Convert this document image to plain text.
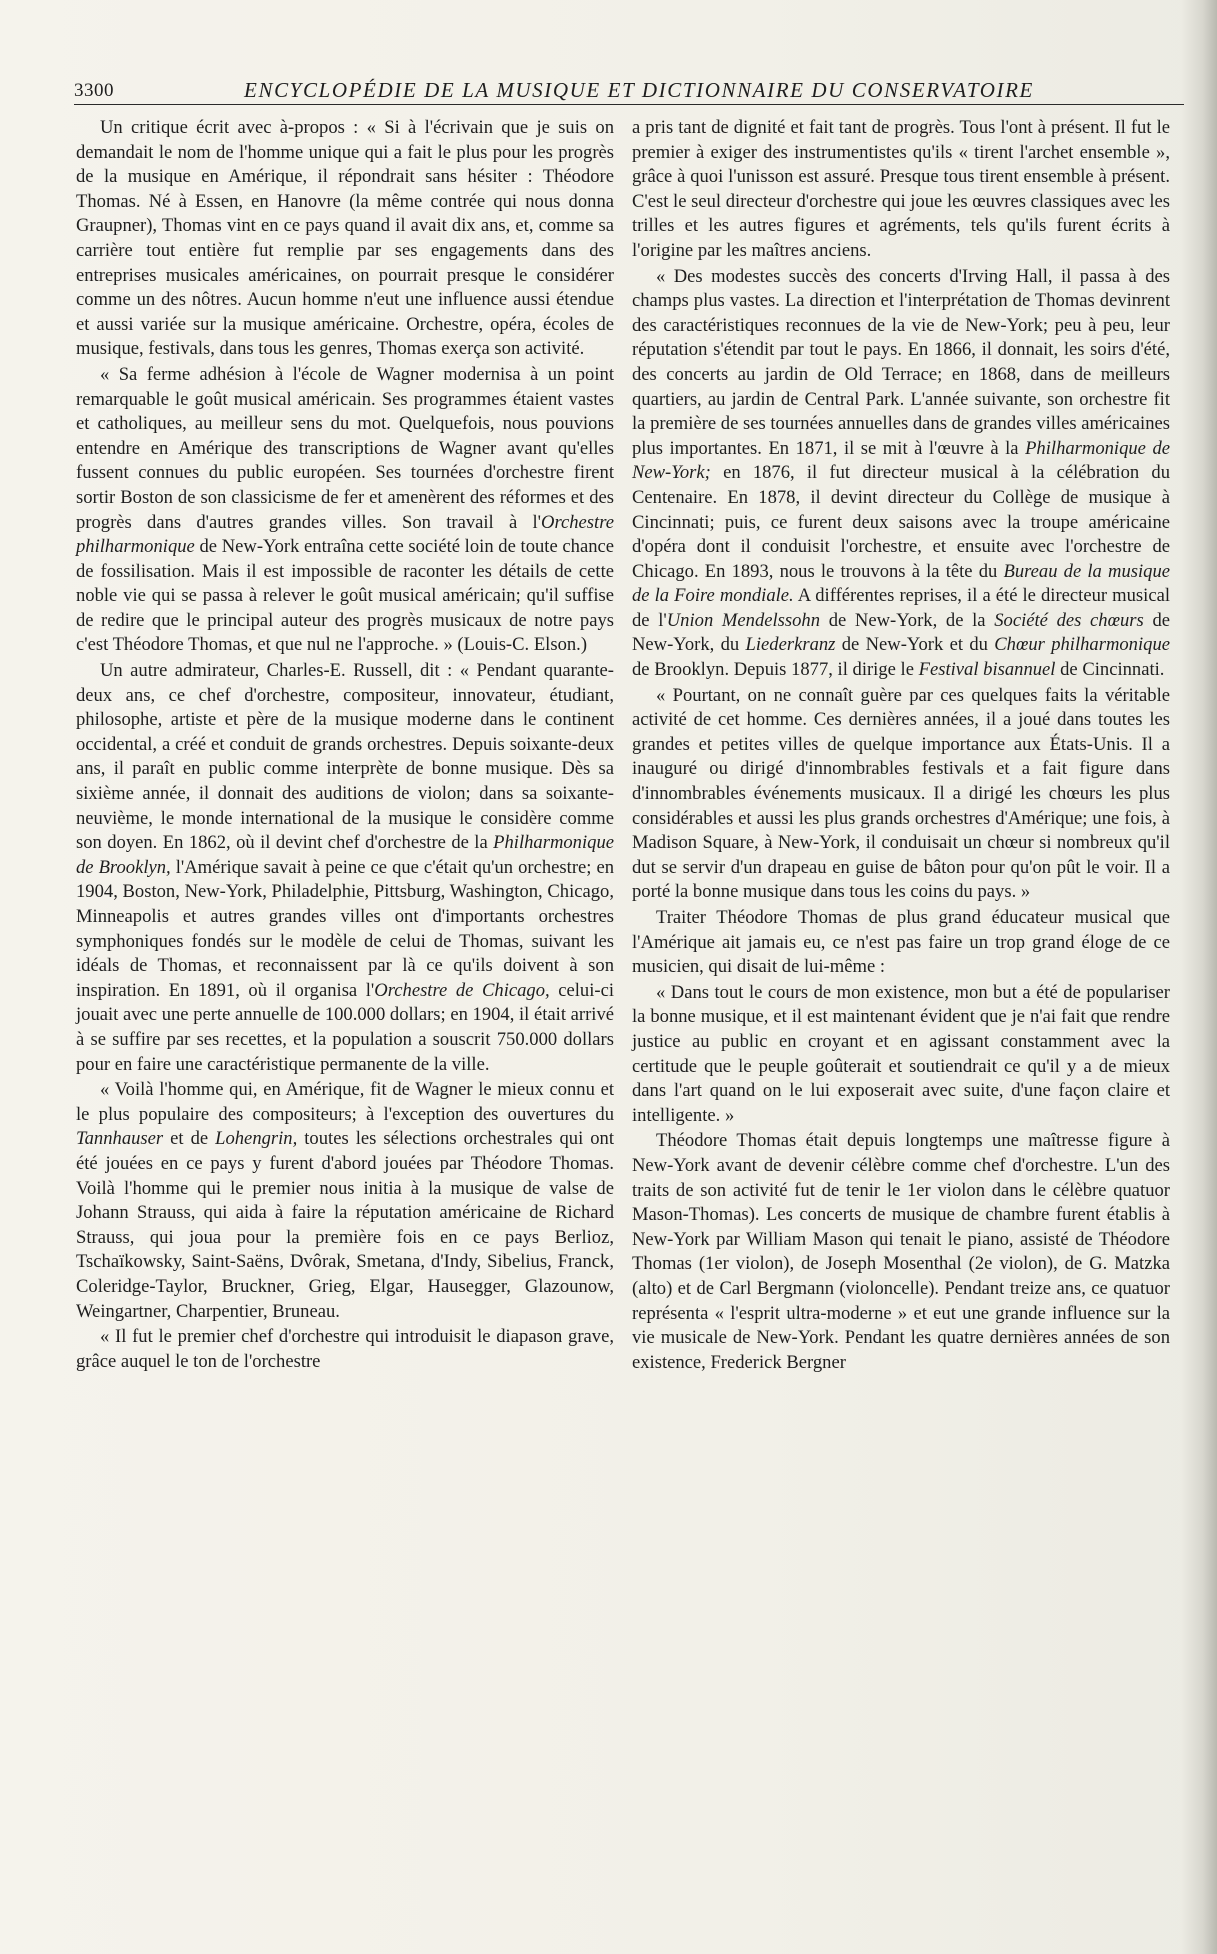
3300	ENCYCLOPÉDIE DE LA MUSIQUE ET DICTIONNAIRE DU CONSERVATOIRE

Un critique écrit avec à-propos : « Si à l'écrivain que je suis on demandait le nom de l'homme unique qui a fait le plus pour les progrès de la musique en Amérique, il répondrait sans hésiter : Théodore Thomas. Né à Essen, en Hanovre (la même contrée qui nous donna Graupner), Thomas vint en ce pays quand il avait dix ans, et, comme sa carrière tout entière fut remplie par ses engagements dans des entreprises musicales américaines, on pourrait presque le considérer comme un des nôtres. Aucun homme n'eut une influence aussi étendue et aussi variée sur la musique américaine. Orchestre, opéra, écoles de musique, festivals, dans tous les genres, Thomas exerça son activité.

« Sa ferme adhésion à l'école de Wagner modernisa à un point remarquable le goût musical américain. Ses programmes étaient vastes et catholiques, au meilleur sens du mot. Quelquefois, nous pouvions entendre en Amérique des transcriptions de Wagner avant qu'elles fussent connues du public européen. Ses tournées d'orchestre firent sortir Boston de son classicisme de fer et amenèrent des réformes et des progrès dans d'autres grandes villes. Son travail à l'Orchestre philharmonique de New-York entraîna cette société loin de toute chance de fossilisation. Mais il est impossible de raconter les détails de cette noble vie qui se passa à relever le goût musical américain; qu'il suffise de redire que le principal auteur des progrès musicaux de notre pays c'est Théodore Thomas, et que nul ne l'approche. » (Louis-C. Elson.)

Un autre admirateur, Charles-E. Russell, dit : « Pendant quarante-deux ans, ce chef d'orchestre, compositeur, innovateur, étudiant, philosophe, artiste et père de la musique moderne dans le continent occidental, a créé et conduit de grands orchestres. Depuis soixante-deux ans, il paraît en public comme interprète de bonne musique. Dès sa sixième année, il donnait des auditions de violon; dans sa soixante-neuvième, le monde international de la musique le considère comme son doyen. En 1862, où il devint chef d'orchestre de la Philharmonique de Brooklyn, l'Amérique savait à peine ce que c'était qu'un orchestre; en 1904, Boston, New-York, Philadelphie, Pittsburg, Washington, Chicago, Minneapolis et autres grandes villes ont d'importants orchestres symphoniques fondés sur le modèle de celui de Thomas, suivant les idéals de Thomas, et reconnaissent par là ce qu'ils doivent à son inspiration. En 1891, où il organisa l'Orchestre de Chicago, celui-ci jouait avec une perte annuelle de 100.000 dollars; en 1904, il était arrivé à se suffire par ses recettes, et la population a souscrit 750.000 dollars pour en faire une caractéristique permanente de la ville.

« Voilà l'homme qui, en Amérique, fit de Wagner le mieux connu et le plus populaire des compositeurs; à l'exception des ouvertures du Tannhauser et de Lohengrin, toutes les sélections orchestrales qui ont été jouées en ce pays y furent d'abord jouées par Théodore Thomas. Voilà l'homme qui le premier nous initia à la musique de valse de Johann Strauss, qui aida à faire la réputation américaine de Richard Strauss, qui joua pour la première fois en ce pays Berlioz, Tschaïkowsky, Saint-Saëns, Dvôrak, Smetana, d'Indy, Sibelius, Franck, Coleridge-Taylor, Bruckner, Grieg, Elgar, Hausegger, Glazounow, Weingartner, Charpentier, Bruneau.

« Il fut le premier chef d'orchestre qui introduisit le diapason grave, grâce auquel le ton de l'orchestre

a pris tant de dignité et fait tant de progrès. Tous l'ont à présent. Il fut le premier à exiger des instrumentistes qu'ils « tirent l'archet ensemble », grâce à quoi l'unisson est assuré. Presque tous tirent ensemble à présent. C'est le seul directeur d'orchestre qui joue les œuvres classiques avec les trilles et les autres figures et agréments, tels qu'ils furent écrits à l'origine par les maîtres anciens.

« Des modestes succès des concerts d'Irving Hall, il passa à des champs plus vastes. La direction et l'interprétation de Thomas devinrent des caractéristiques reconnues de la vie de New-York; peu à peu, leur réputation s'étendit par tout le pays. En 1866, il donnait, les soirs d'été, des concerts au jardin de Old Terrace; en 1868, dans de meilleurs quartiers, au jardin de Central Park. L'année suivante, son orchestre fit la première de ses tournées annuelles dans de grandes villes américaines plus importantes. En 1871, il se mit à l'œuvre à la Philharmonique de New-York; en 1876, il fut directeur musical à la célébration du Centenaire. En 1878, il devint directeur du Collège de musique à Cincinnati; puis, ce furent deux saisons avec la troupe américaine d'opéra dont il conduisit l'orchestre, et ensuite avec l'orchestre de Chicago. En 1893, nous le trouvons à la tête du Bureau de la musique de la Foire mondiale. A différentes reprises, il a été le directeur musical de l'Union Mendelssohn de New-York, de la Société des chœurs de New-York, du Liederkranz de New-York et du Chœur philharmonique de Brooklyn. Depuis 1877, il dirige le Festival bisannuel de Cincinnati.

« Pourtant, on ne connaît guère par ces quelques faits la véritable activité de cet homme. Ces dernières années, il a joué dans toutes les grandes et petites villes de quelque importance aux États-Unis. Il a inauguré ou dirigé d'innombrables festivals et a fait figure dans d'innombrables événements musicaux. Il a dirigé les chœurs les plus considérables et aussi les plus grands orchestres d'Amérique; une fois, à Madison Square, à New-York, il conduisait un chœur si nombreux qu'il dut se servir d'un drapeau en guise de bâton pour qu'on pût le voir. Il a porté la bonne musique dans tous les coins du pays. »

Traiter Théodore Thomas de plus grand éducateur musical que l'Amérique ait jamais eu, ce n'est pas faire un trop grand éloge de ce musicien, qui disait de lui-même :

« Dans tout le cours de mon existence, mon but a été de populariser la bonne musique, et il est maintenant évident que je n'ai fait que rendre justice au public en croyant et en agissant constamment avec la certitude que le peuple goûterait et soutiendrait ce qu'il y a de mieux dans l'art quand on le lui exposerait avec suite, d'une façon claire et intelligente. »

Théodore Thomas était depuis longtemps une maîtresse figure à New-York avant de devenir célèbre comme chef d'orchestre. L'un des traits de son activité fut de tenir le 1er violon dans le célèbre quatuor Mason-Thomas). Les concerts de musique de chambre furent établis à New-York par William Mason qui tenait le piano, assisté de Théodore Thomas (1er violon), de Joseph Mosenthal (2e violon), de G. Matzka (alto) et de Carl Bergmann (violoncelle). Pendant treize ans, ce quatuor représenta « l'esprit ultra-moderne » et eut une grande influence sur la vie musicale de New-York. Pendant les quatre dernières années de son existence, Frederick Bergner
